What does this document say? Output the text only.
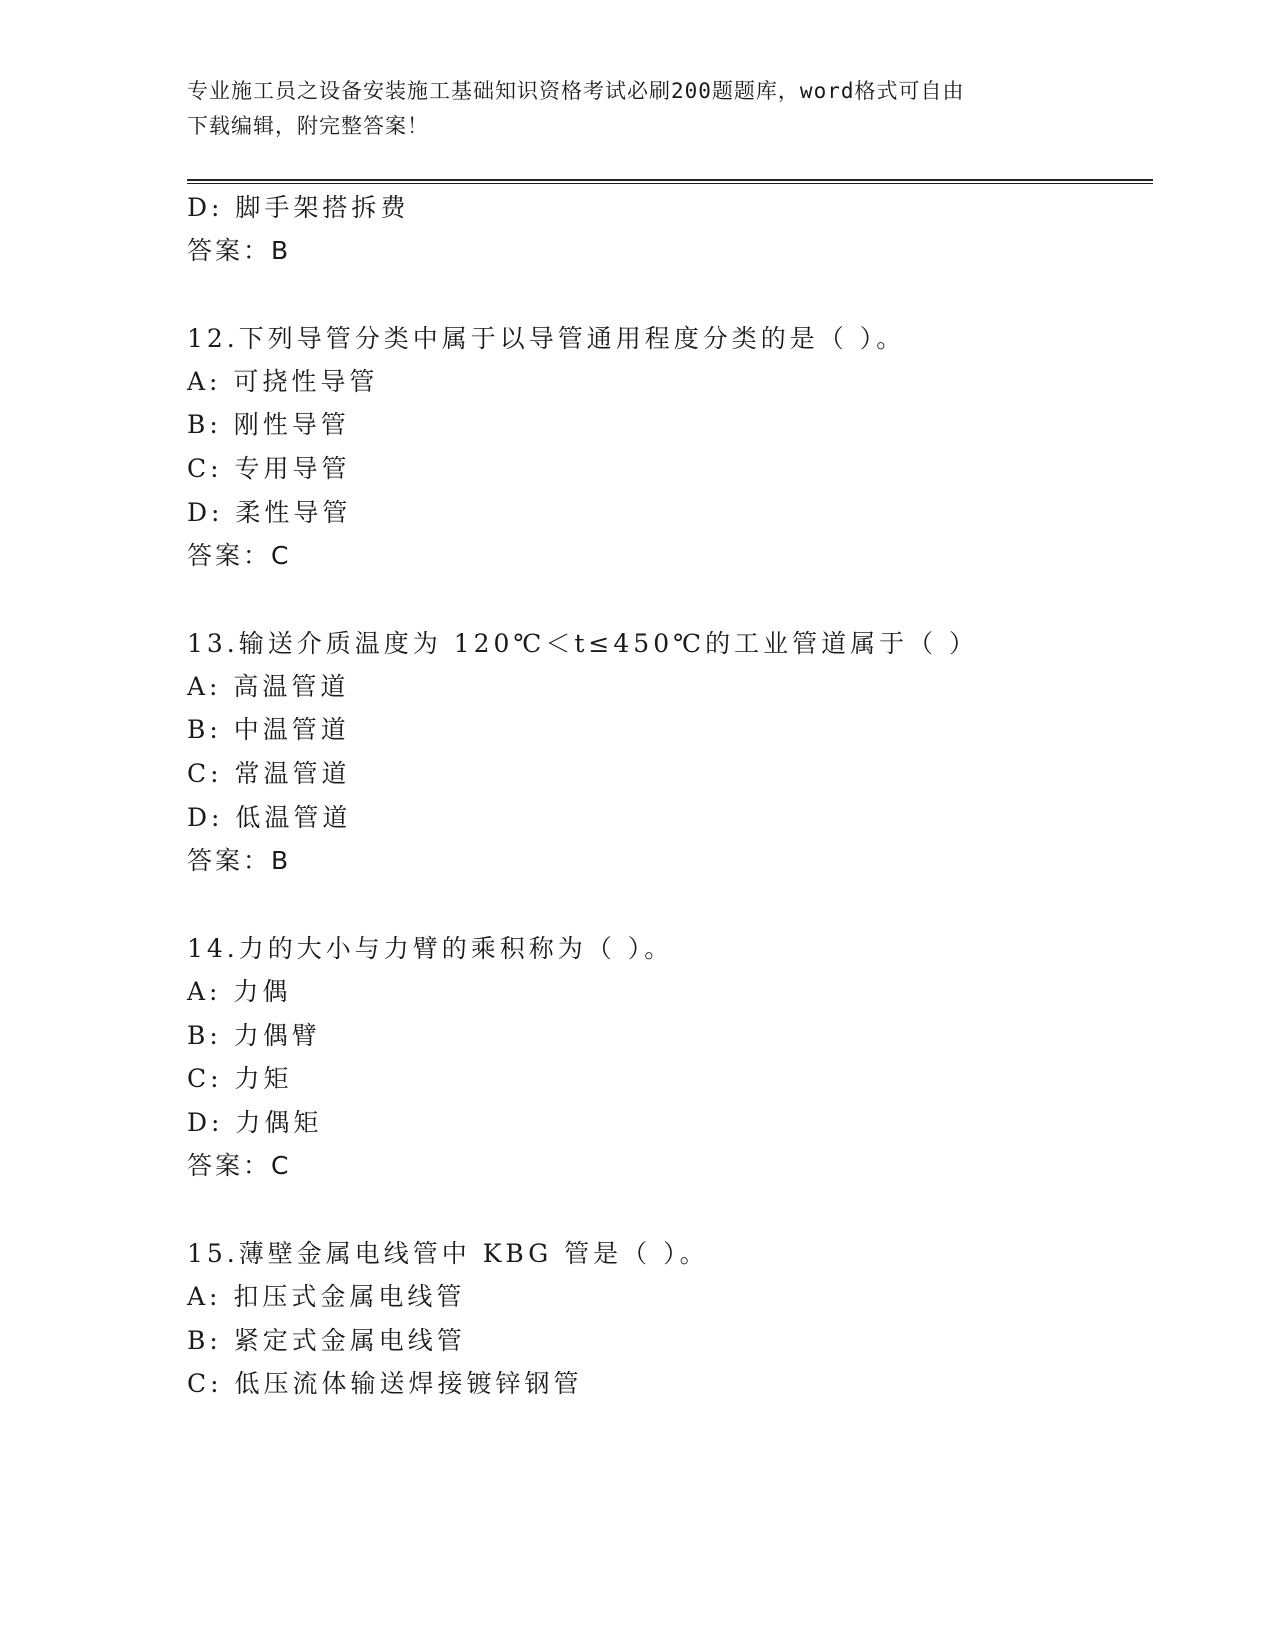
专业施工员之设备安装施工基础知识资格考试必刷200题题库，word格式可自由
下载编辑，附完整答案！
D: 脚手架搭拆费
答案：B
12.下列导管分类中属于以导管通用程度分类的是（ ）。
A: 可挠性导管
B: 刚性导管
C: 专用导管
D: 柔性导管
答案：C
13.输送介质温度为 120℃＜t≤450℃的工业管道属于（ ）
A: 高温管道
B: 中温管道
C: 常温管道
D: 低温管道
答案：B
14.力的大小与力臂的乘积称为（ ）。
A: 力偶
B: 力偶臂
C: 力矩
D: 力偶矩
答案：C
15.薄壁金属电线管中 KBG 管是（ ）。
A: 扣压式金属电线管
B: 紧定式金属电线管
C: 低压流体输送焊接镀锌钢管
